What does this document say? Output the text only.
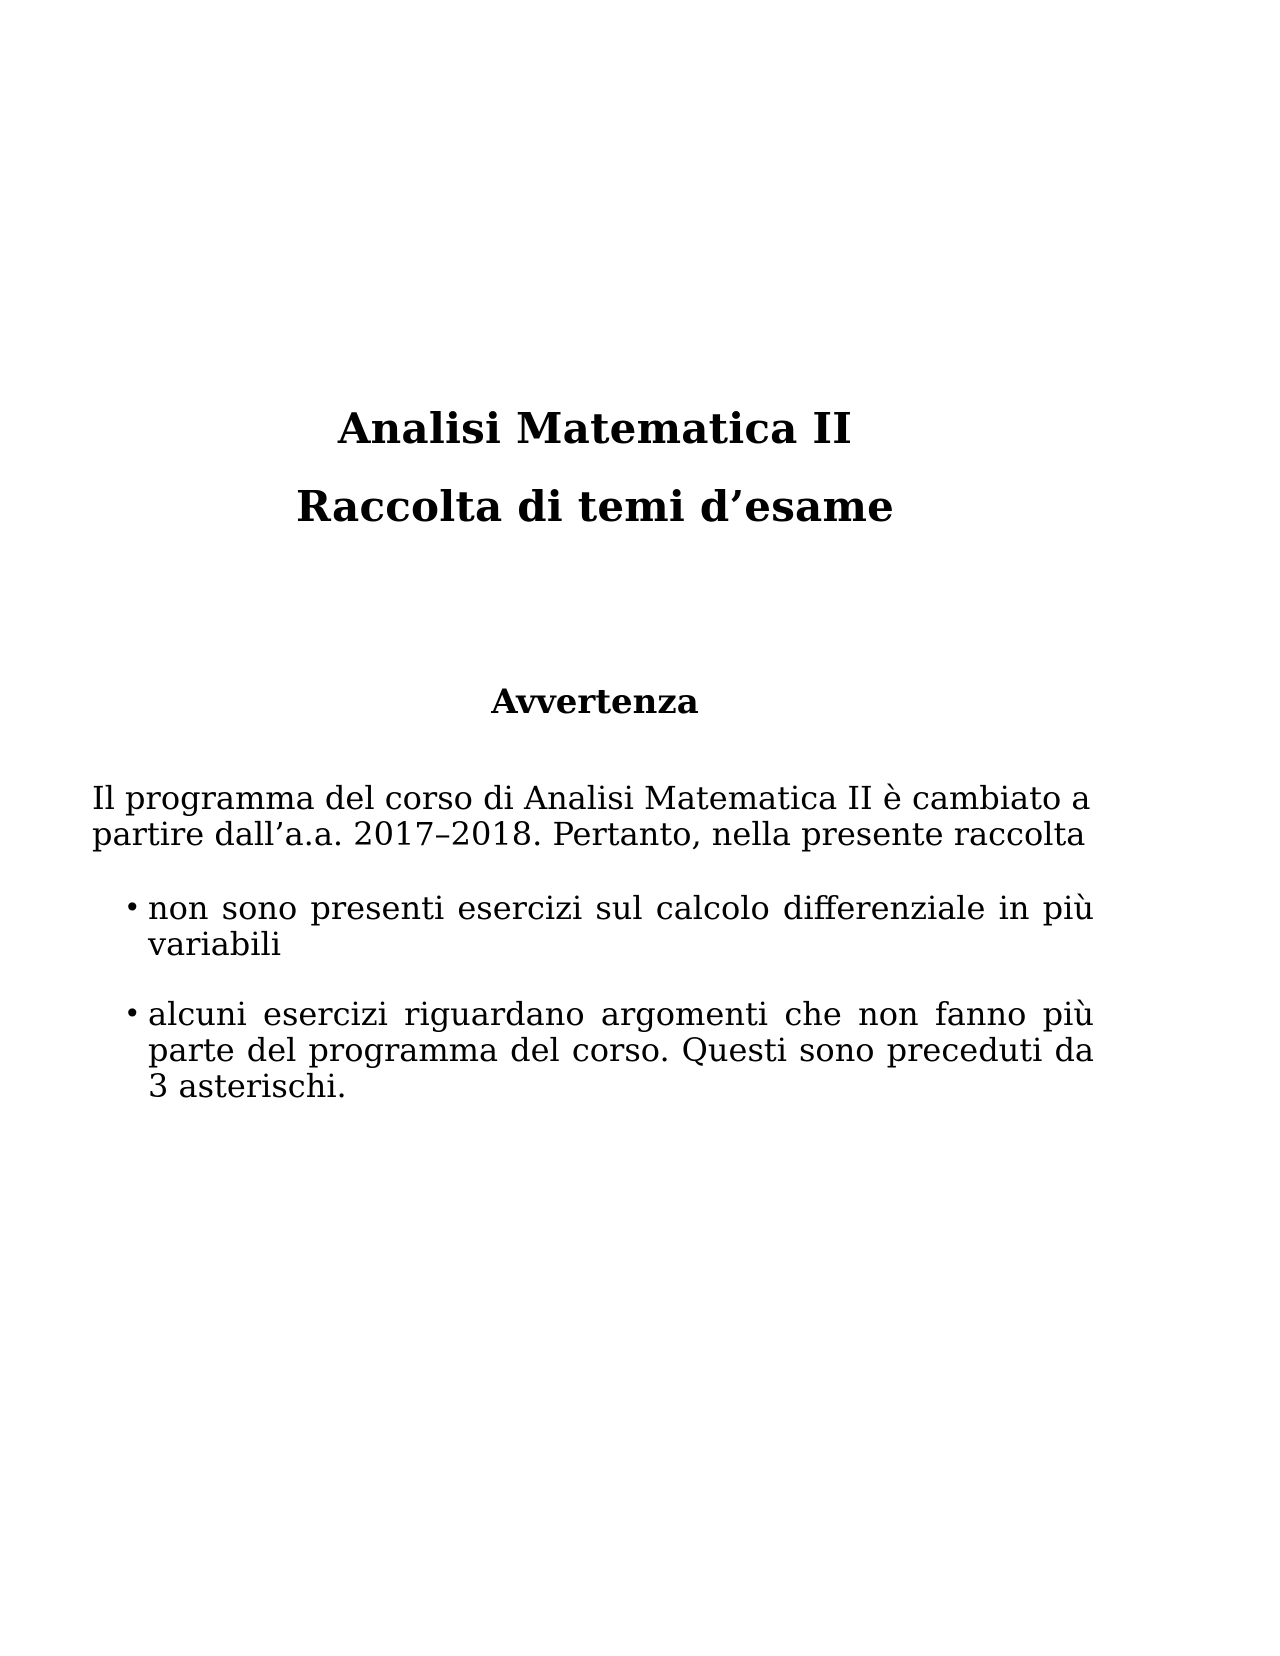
Analisi Matematica II
Raccolta di temi d’esame
Avvertenza

Il programma del corso di Analisi Matematica II è cambiato a partire dall’a.a. 2017–2018. Pertanto, nella presente raccolta

• non sono presenti esercizi sul calcolo differenziale in più variabili
• alcuni esercizi riguardano argomenti che non fanno più parte del programma del corso. Questi sono preceduti da 3 asterischi.
